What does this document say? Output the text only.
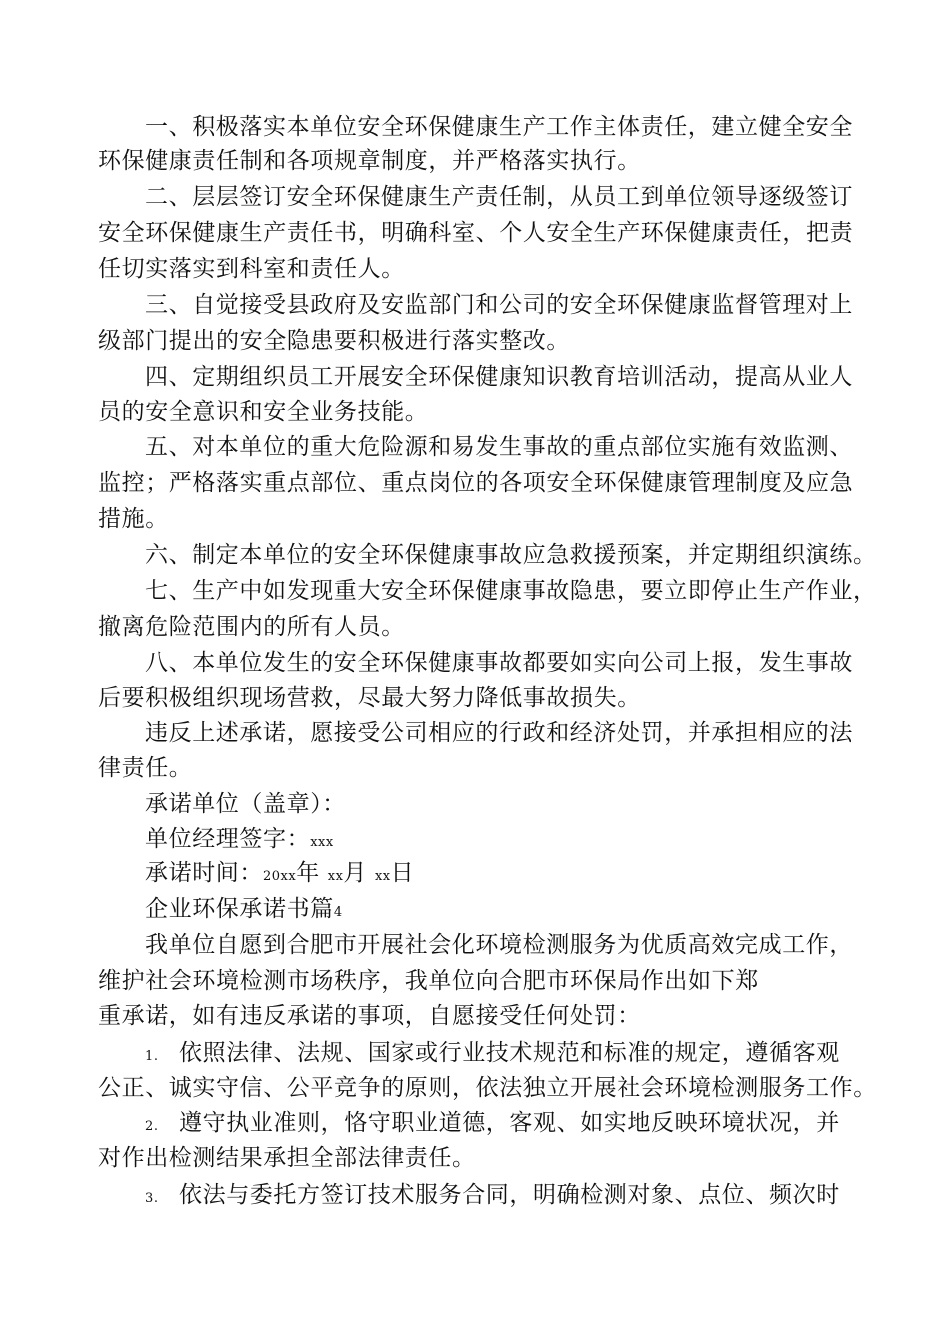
一、积极落实本单位安全环保健康生产工作主体责任，建立健全安全
环保健康责任制和各项规章制度，并严格落实执行。
二、层层签订安全环保健康生产责任制，从员工到单位领导逐级签订
安全环保健康生产责任书，明确科室、个人安全生产环保健康责任，把责
任切实落实到科室和责任人。
三、自觉接受县政府及安监部门和公司的安全环保健康监督管理对上
级部门提出的安全隐患要积极进行落实整改。
四、定期组织员工开展安全环保健康知识教育培训活动，提高从业人
员的安全意识和安全业务技能。
五、对本单位的重大危险源和易发生事故的重点部位实施有效监测、
监控；严格落实重点部位、重点岗位的各项安全环保健康管理制度及应急
措施。
六、制定本单位的安全环保健康事故应急救援预案，并定期组织演练。
七、生产中如发现重大安全环保健康事故隐患，要立即停止生产作业，
撤离危险范围内的所有人员。
八、本单位发生的安全环保健康事故都要如实向公司上报，发生事故
后要积极组织现场营救，尽最大努力降低事故损失。
违反上述承诺，愿接受公司相应的行政和经济处罚，并承担相应的法
律责任。
承诺单位（盖章）：
单位经理签字：xxx
承诺时间：20xx年 xx月 xx日
企业环保承诺书篇4
我单位自愿到合肥市开展社会化环境检测服务为优质高效完成工作，
维护社会环境检测市场秩序，我单位向合肥市环保局作出如下郑
重承诺，如有违反承诺的事项，自愿接受任何处罚：
1. 依照法律、法规、国家或行业技术规范和标准的规定，遵循客观
公正、诚实守信、公平竞争的原则，依法独立开展社会环境检测服务工作。
2. 遵守执业准则，恪守职业道德，客观、如实地反映环境状况，并
对作出检测结果承担全部法律责任。
3. 依法与委托方签订技术服务合同，明确检测对象、点位、频次时
